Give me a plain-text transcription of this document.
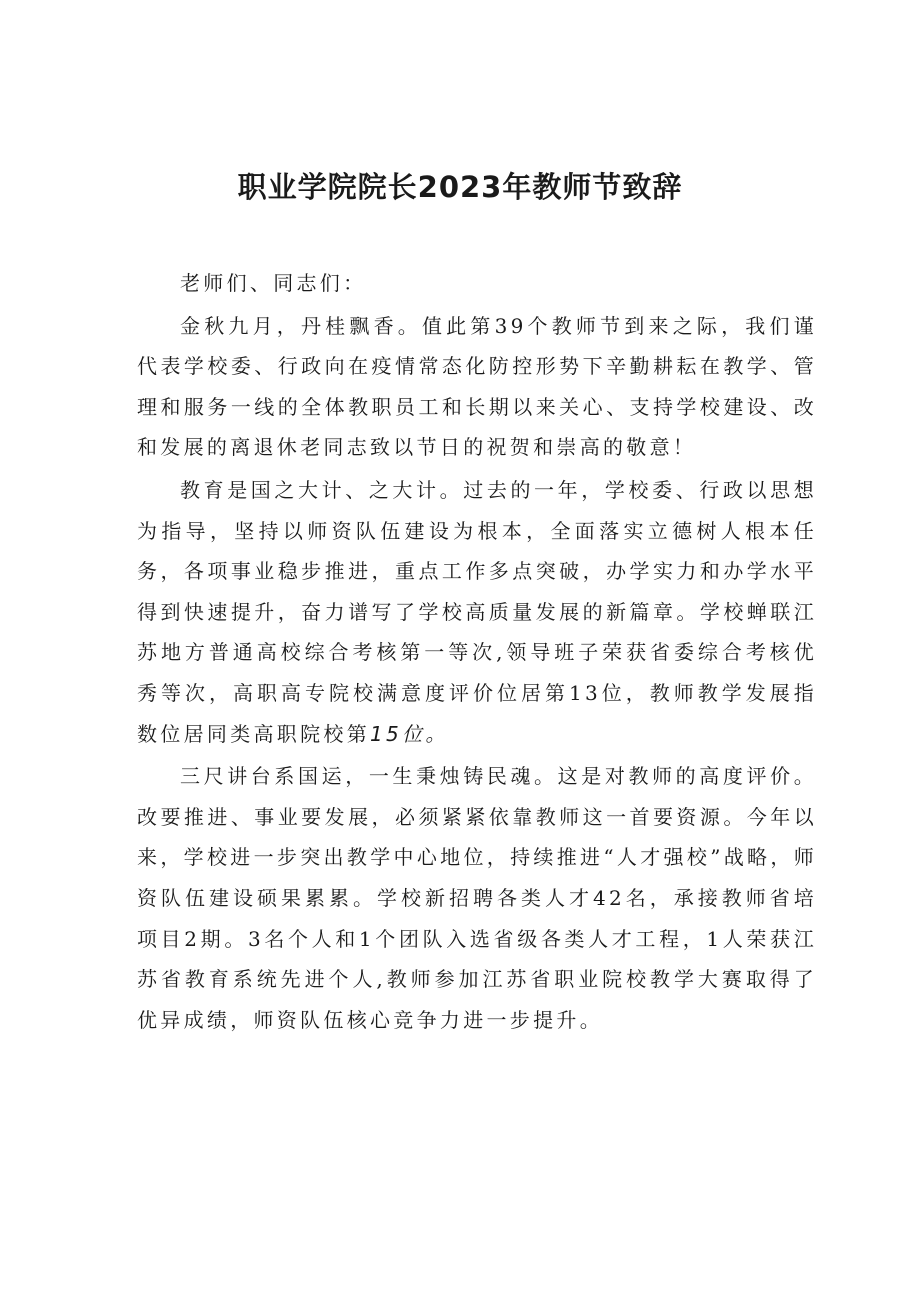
职业学院院长2023年教师节致辞

老师们、同志们：

金秋九月，丹桂飘香。值此第39个教师节到来之际，我们谨代表学校委、行政向在疫情常态化防控形势下辛勤耕耘在教学、管理和服务一线的全体教职员工和长期以来关心、支持学校建设、改和发展的离退休老同志致以节日的祝贺和崇高的敬意！

教育是国之大计、之大计。过去的一年，学校委、行政以思想为指导，坚持以师资队伍建设为根本，全面落实立德树人根本任务，各项事业稳步推进，重点工作多点突破，办学实力和办学水平得到快速提升，奋力谱写了学校高质量发展的新篇章。学校蝉联江苏地方普通高校综合考核第一等次,领导班子荣获省委综合考核优秀等次，高职高专院校满意度评价位居第13位，教师教学发展指数位居同类高职院校第15位。

三尺讲台系国运，一生秉烛铸民魂。这是对教师的高度评价。改要推进、事业要发展，必须紧紧依靠教师这一首要资源。今年以来，学校进一步突出教学中心地位，持续推进“人才强校”战略，师资队伍建设硕果累累。学校新招聘各类人才42名，承接教师省培项目2期。3名个人和1个团队入选省级各类人才工程，1人荣获江苏省教育系统先进个人,教师参加江苏省职业院校教学大赛取得了优异成绩，师资队伍核心竞争力进一步提升。
